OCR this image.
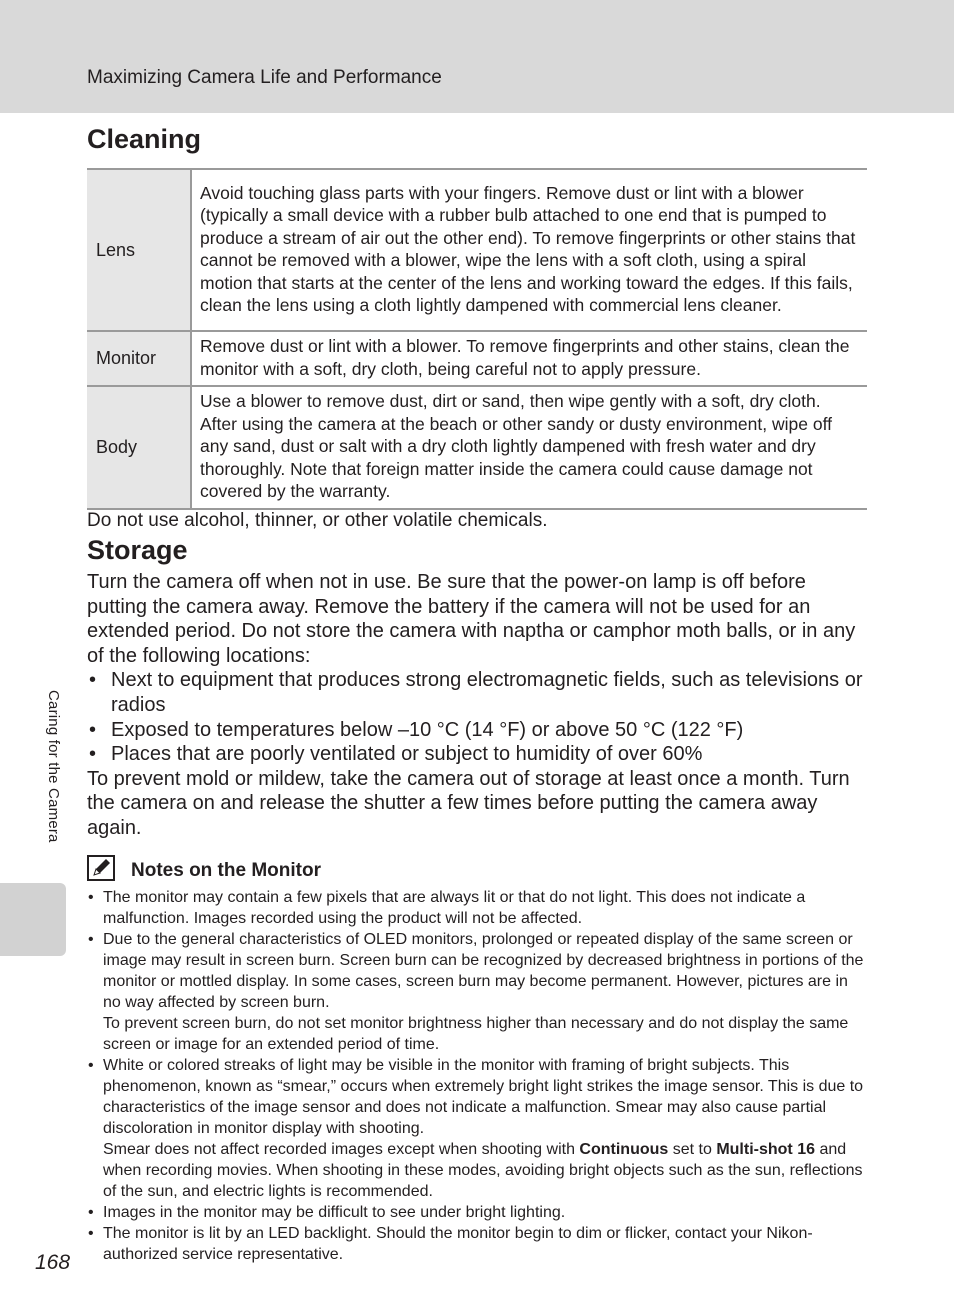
Maximizing Camera Life and Performance
Caring for the Camera
Cleaning
Lens	Avoid touching glass parts with your fingers. Remove dust or lint with a blower (typically a small device with a rubber bulb attached to one end that is pumped to produce a stream of air out the other end). To remove fingerprints or other stains that cannot be removed with a blower, wipe the lens with a soft cloth, using a spiral motion that starts at the center of the lens and working toward the edges. If this fails, clean the lens using a cloth lightly dampened with commercial lens cleaner.
Monitor	Remove dust or lint with a blower. To remove fingerprints and other stains, clean the monitor with a soft, dry cloth, being careful not to apply pressure.
Body	Use a blower to remove dust, dirt or sand, then wipe gently with a soft, dry cloth. After using the camera at the beach or other sandy or dusty environment, wipe off any sand, dust or salt with a dry cloth lightly dampened with fresh water and dry thoroughly. Note that foreign matter inside the camera could cause damage not covered by the warranty.
Do not use alcohol, thinner, or other volatile chemicals.
Storage

Turn the camera off when not in use. Be sure that the power-on lamp is off before putting the camera away. Remove the battery if the camera will not be used for an extended period. Do not store the camera with naptha or camphor moth balls, or in any of the following locations:

• Next to equipment that produces strong electromagnetic fields, such as televisions or radios
• Exposed to temperatures below –10 °C (14 °F) or above 50 °C (122 °F)
• Places that are poorly ventilated or subject to humidity of over 60%

To prevent mold or mildew, take the camera out of storage at least once a month. Turn the camera on and release the shutter a few times before putting the camera away again.

Notes on the Monitor
• The monitor may contain a few pixels that are always lit or that do not light. This does not indicate a malfunction. Images recorded using the product will not be affected.
• Due to the general characteristics of OLED monitors, prolonged or repeated display of the same screen or image may result in screen burn. Screen burn can be recognized by decreased brightness in portions of the monitor or mottled display. In some cases, screen burn may become permanent. However, pictures are in no way affected by screen burn.
To prevent screen burn, do not set monitor brightness higher than necessary and do not display the same screen or image for an extended period of time.
• White or colored streaks of light may be visible in the monitor with framing of bright subjects. This phenomenon, known as “smear,” occurs when extremely bright light strikes the image sensor. This is due to characteristics of the image sensor and does not indicate a malfunction. Smear may also cause partial discoloration in monitor display with shooting.
Smear does not affect recorded images except when shooting with Continuous set to Multi-shot 16 and when recording movies. When shooting in these modes, avoiding bright objects such as the sun, reflections of the sun, and electric lights is recommended.
• Images in the monitor may be difficult to see under bright lighting.
• The monitor is lit by an LED backlight. Should the monitor begin to dim or flicker, contact your Nikon-authorized service representative.
168
